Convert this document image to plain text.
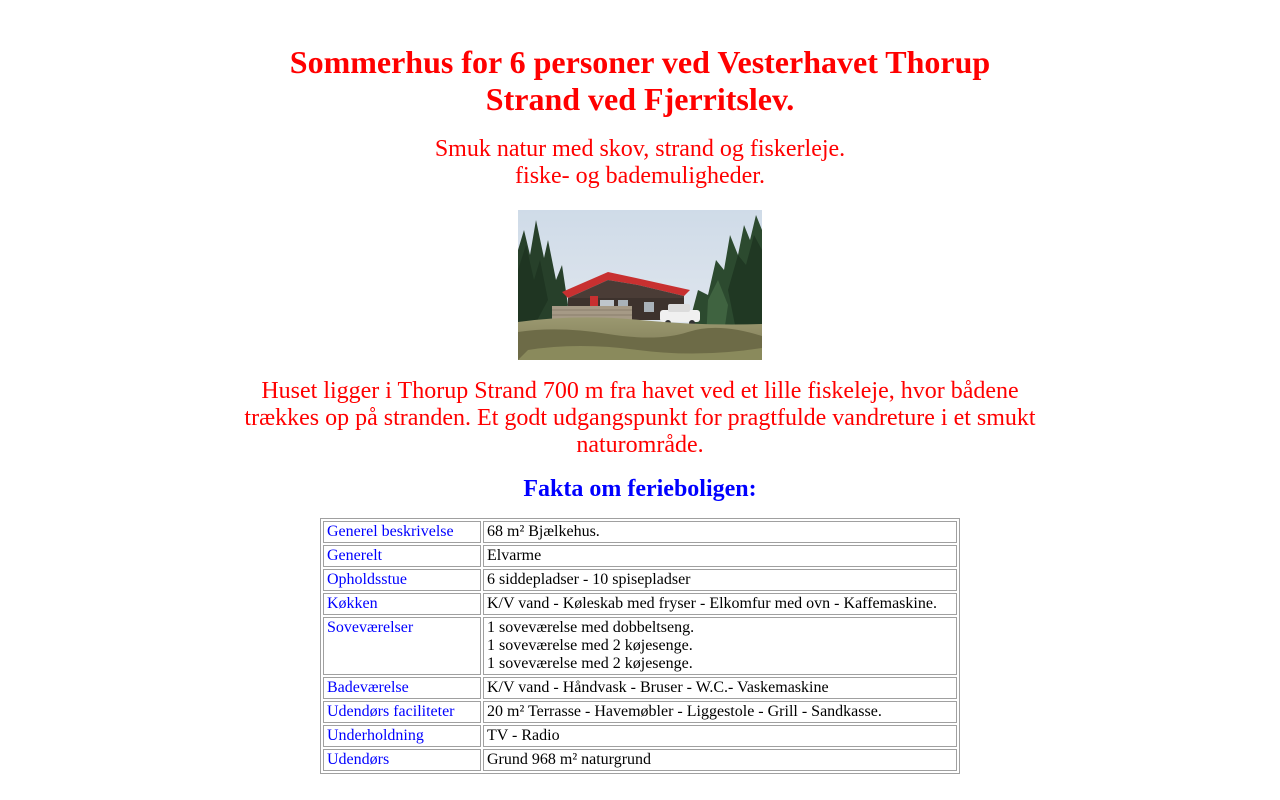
Sommerhus for 6 personer ved Vesterhavet Thorup
Strand ved Fjerritslev.

Smuk natur med skov, strand og fiskerleje.
fiske- og bademuligheder.

Huset ligger i Thorup Strand 700 m fra havet ved et lille fiskeleje, hvor bådene
trækkes op på stranden. Et godt udgangspunkt for pragtfulde vandreture i et smukt
naturområde.

Fakta om ferieboligen:
Generel beskrivelse	68 m² Bjælkehus.

Generelt	Elvarme

Opholdsstue	6 siddepladser - 10 spisepladser

Køkken	K/V vand - Køleskab med fryser - Elkomfur med ovn - Kaffemaskine.

Soveværelser	1 soveværelse med dobbeltseng.
1 soveværelse med 2 køjesenge.
1 soveværelse med 2 køjesenge.

Badeværelse	K/V vand - Håndvask - Bruser - W.C.- Vaskemaskine

Udendørs faciliteter	20 m² Terrasse - Havemøbler - Liggestole - Grill - Sandkasse.

Underholdning	TV - Radio

Udendørs	Grund 968 m² naturgrund
